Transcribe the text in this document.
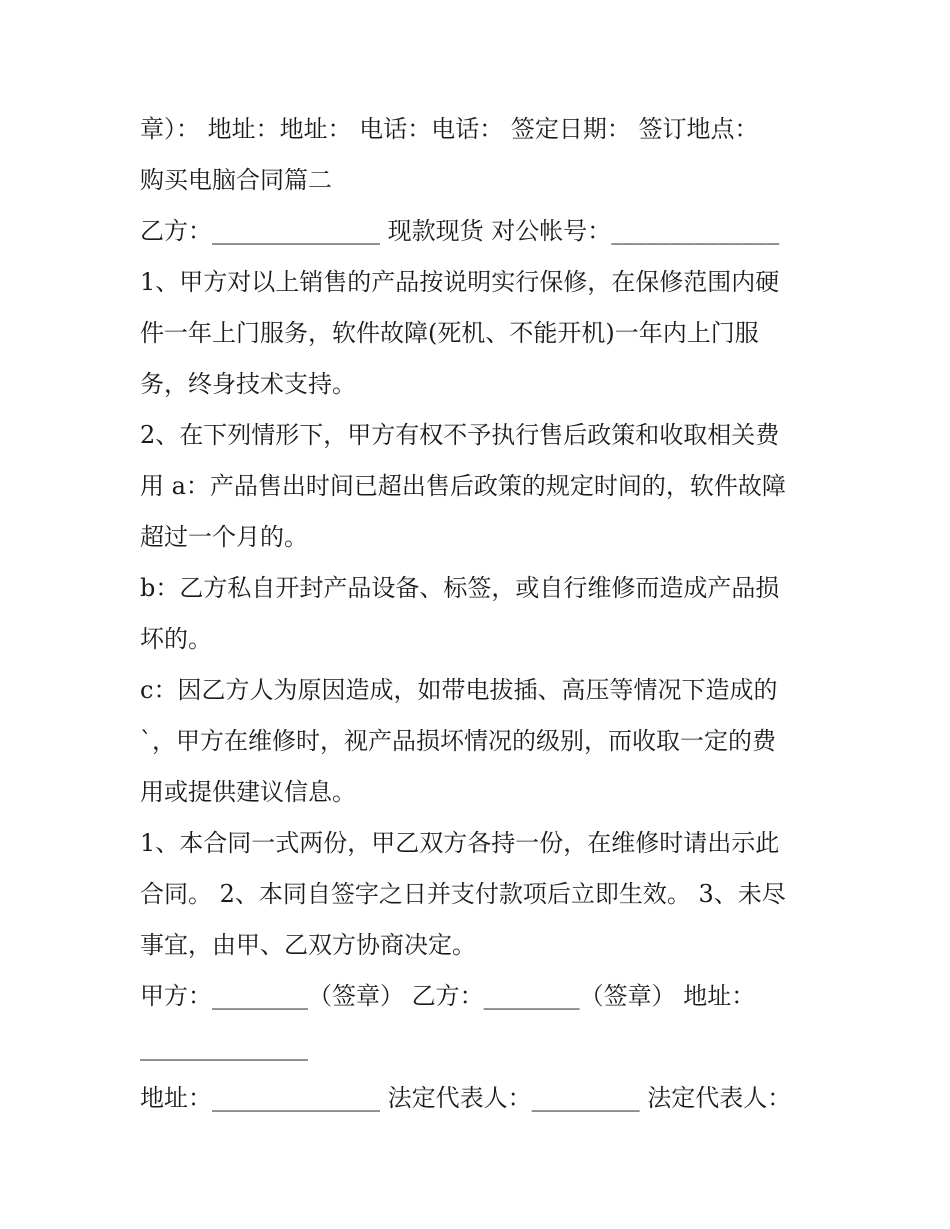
章）： 地址：地址： 电话：电话： 签定日期： 签订地点：
购买电脑合同篇二
乙方：______________ 现款现货 对公帐号：______________
1、甲方对以上销售的产品按说明实行保修，在保修范围内硬
件一年上门服务，软件故障(死机、不能开机)一年内上门服
务，终身技术支持。
2、在下列情形下，甲方有权不予执行售后政策和收取相关费
用 a：产品售出时间已超出售后政策的规定时间的，软件故障
超过一个月的。
b：乙方私自开封产品设备、标签，或自行维修而造成产品损
坏的。
c：因乙方人为原因造成，如带电拔插、高压等情况下造成的
`，甲方在维修时，视产品损坏情况的级别，而收取一定的费
用或提供建议信息。
1、本合同一式两份，甲乙双方各持一份，在维修时请出示此
合同。 2、本同自签字之日并支付款项后立即生效。 3、未尽
事宜，由甲、乙双方协商决定。
甲方：________（签章） 乙方：________（签章） 地址：
______________
地址：______________ 法定代表人：_________ 法定代表人：
